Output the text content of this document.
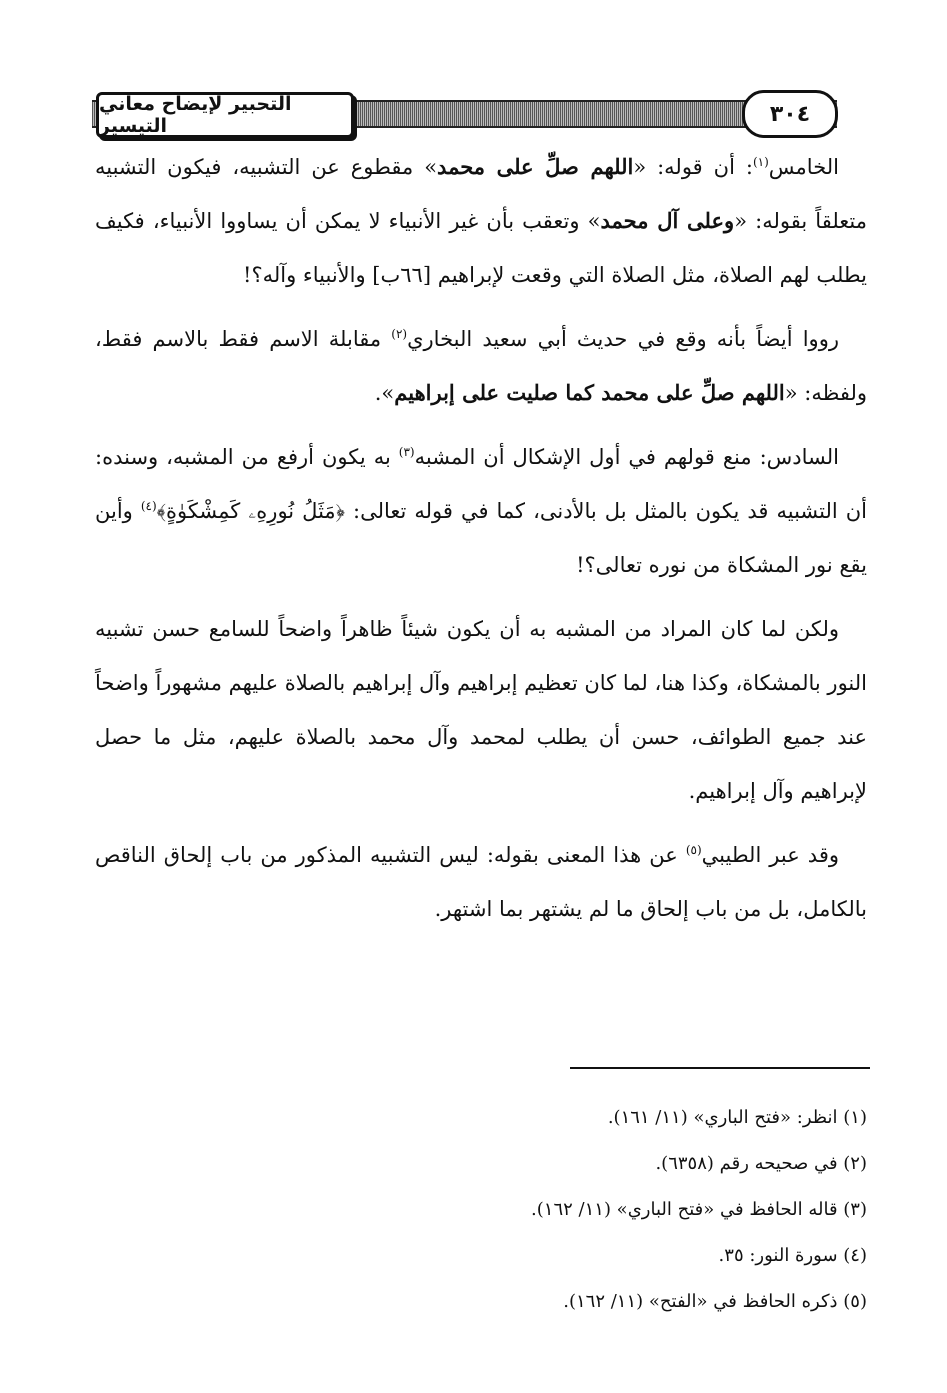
التحبير لإيضاح معاني التيسير	٣٠٤

الخامس$^{(١)}$: أن قوله: «اللهم صلِّ على محمد» مقطوع عن التشبيه، فيكون التشبيه متعلقاً بقوله: «وعلى آل محمد» وتعقب بأن غير الأنبياء لا يمكن أن يساووا الأنبياء، فكيف يطلب لهم الصلاة، مثل الصلاة التي وقعت لإبراهيم [٦٦ب] والأنبياء وآله؟!

رووا أيضاً بأنه وقع في حديث أبي سعيد البخاري$^{(٢)}$ مقابلة الاسم فقط بالاسم فقط، ولفظه: «اللهم صلِّ على محمد كما صليت على إبراهيم».

السادس: منع قولهم في أول الإشكال أن المشبه$^{(٣)}$ به يكون أرفع من المشبه، وسنده: أن التشبيه قد يكون بالمثل بل بالأدنى، كما في قوله تعالى: ﴿مَثَلُ نُورِهِۦ كَمِشْكَوٰةٍ﴾$^{(٤)}$ وأين يقع نور المشكاة من نوره تعالى؟!

ولكن لما كان المراد من المشبه به أن يكون شيئاً ظاهراً واضحاً للسامع حسن تشبيه النور بالمشكاة، وكذا هنا، لما كان تعظيم إبراهيم وآل إبراهيم بالصلاة عليهم مشهوراً واضحاً عند جميع الطوائف، حسن أن يطلب لمحمد وآل محمد بالصلاة عليهم، مثل ما حصل لإبراهيم وآل إبراهيم.

وقد عبر الطيبي$^{(٥)}$ عن هذا المعنى بقوله: ليس التشبيه المذكور من باب إلحاق الناقص بالكامل، بل من باب إلحاق ما لم يشتهر بما اشتهر.

(١) انظر: «فتح الباري» (١١/ ١٦١).
(٢) في صحيحه رقم (٦٣٥٨).
(٣) قاله الحافظ في «فتح الباري» (١١/ ١٦٢).
(٤) سورة النور: ٣٥.
(٥) ذكره الحافظ في «الفتح» (١١/ ١٦٢).
